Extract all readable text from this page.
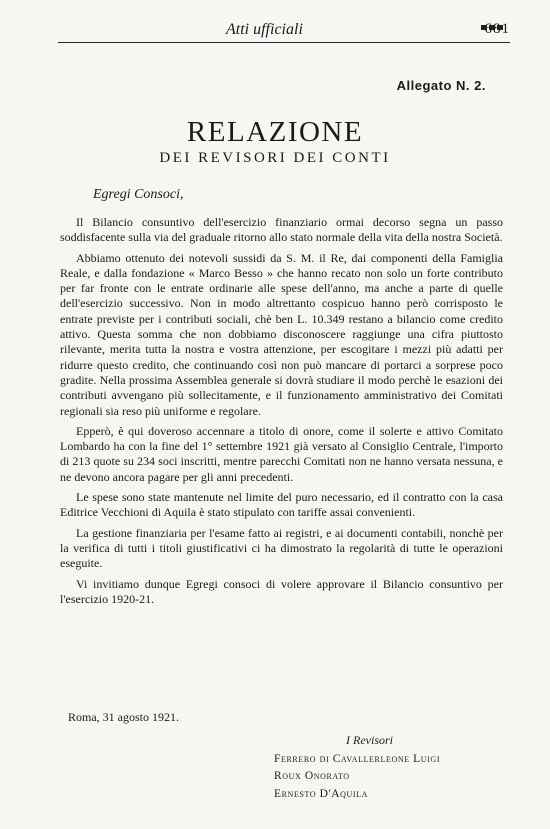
Atti ufficiali	681
Allegato N. 2.
RELAZIONE
DEI REVISORI DEI CONTI
Egregi Consoci,

Il Bilancio consuntivo dell'esercizio finanziario ormai decorso segna un passo soddisfacente sulla via del graduale ritorno allo stato normale della vita della nostra Società.

Abbiamo ottenuto dei notevoli sussidi da S. M. il Re, dai componenti della Famiglia Reale, e dalla fondazione « Marco Besso » che hanno recato non solo un forte contributo per far fronte con le entrate ordinarie alle spese dell'anno, ma anche a parte di quelle dell'esercizio successivo. Non in modo altrettanto cospicuo hanno però corrisposto le entrate previste per i contributi sociali, chè ben L. 10.349 restano a bilancio come credito attivo. Questa somma che non dobbiamo disconoscere raggiunge una cifra piuttosto rilevante, merita tutta la nostra e vostra attenzione, per escogitare i mezzi più adatti per ridurre questo credito, che continuando così non può mancare di portarci a sorprese poco gradite. Nella prossima Assemblea generale si dovrà studiare il modo perchè le esazioni dei contributi avvengano più sollecitamente, e il funzionamento amministrativo dei Comitati regionali sia reso più uniforme e regolare.

Epperò, è qui doveroso accennare a titolo di onore, come il solerte e attivo Comitato Lombardo ha con la fine del 1° settembre 1921 già versato al Consiglio Centrale, l'importo di 213 quote su 234 soci inscritti, mentre parecchi Comitati non ne hanno versata nessuna, e ne devono ancora pagare per gli anni precedenti.

Le spese sono state mantenute nel limite del puro necessario, ed il contratto con la casa Editrice Vecchioni di Aquila è stato stipulato con tariffe assai convenienti.

La gestione finanziaria per l'esame fatto ai registri, e ai documenti contabili, nonchè per la verifica di tutti i titoli giustificativi ci ha dimostrato la regolarità di tutte le operazioni eseguite.

Vi invitiamo dunque Egregi consoci di volere approvare il Bilancio consuntivo per l'esercizio 1920-21.

Roma, 31 agosto 1921.
I Revisori
Ferrero di Cavallerleone Luigi
Roux Onorato
Ernesto D'Aquila
